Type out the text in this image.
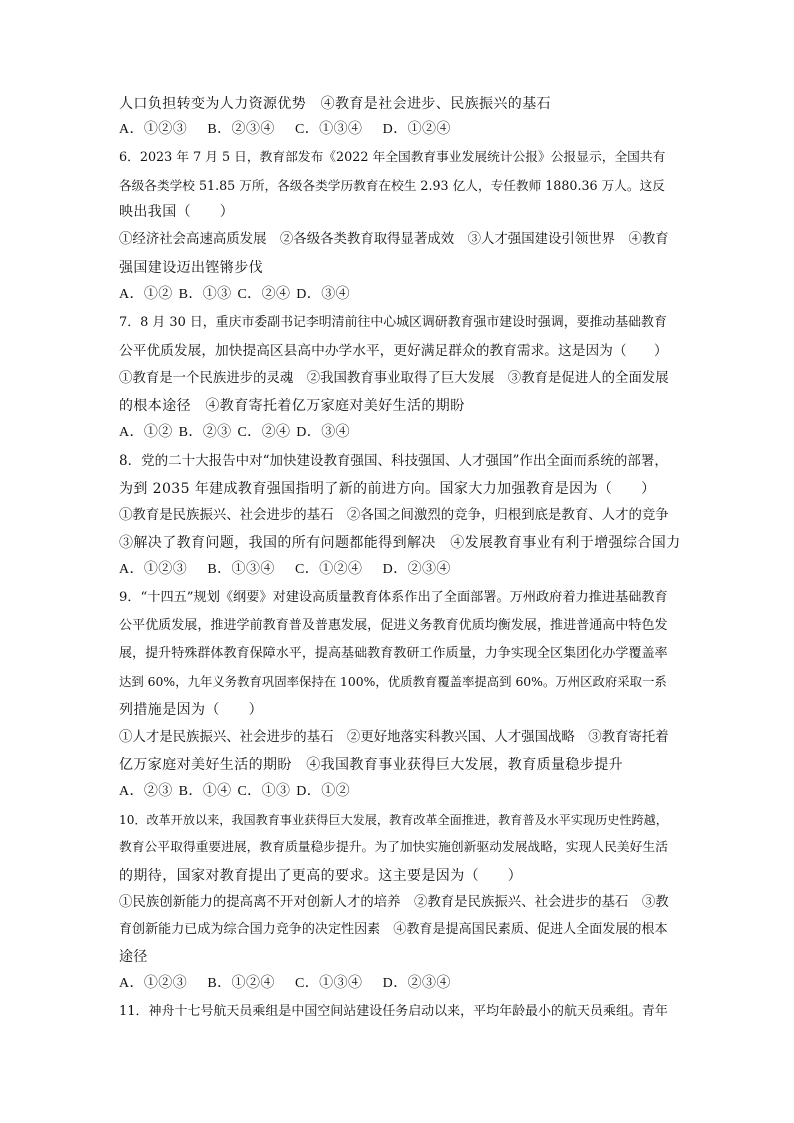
人口负担转变为人力资源优势　④教育是社会进步、民族振兴的基石
A．①②③　 B．②③④　 C．①③④　 D．①②④
6．2023 年 7 月 5 日，教育部发布《2022 年全国教育事业发展统计公报》公报显示，全国共有
各级各类学校 51.85 万所，各级各类学历教育在校生 2.93 亿人，专任教师 1880.36 万人。这反
映出我国（　　）
①经济社会高速高质发展　②各级各类教育取得显著成效　③人才强国建设引领世界　④教育
强国建设迈出铿锵步伐
A．①② B．①③ C．②④ D．③④
7．8 月 30 日，重庆市委副书记李明清前往中心城区调研教育强市建设时强调，要推动基础教育
公平优质发展，加快提高区县高中办学水平，更好满足群众的教育需求。这是因为（　　）
①教育是一个民族进步的灵魂　②我国教育事业取得了巨大发展　③教育是促进人的全面发展
的根本途径　④教育寄托着亿万家庭对美好生活的期盼
A．①② B．②③ C．②④ D．③④
8．党的二十大报告中对“加快建设教育强国、科技强国、人才强国”作出全面而系统的部署，
为到 2035 年建成教育强国指明了新的前进方向。国家大力加强教育是因为（　　）
①教育是民族振兴、社会进步的基石　②各国之间激烈的竞争，归根到底是教育、人才的竞争
③解决了教育问题，我国的所有问题都能得到解决　④发展教育事业有利于增强综合国力
A．①②③　 B．①③④　 C．①②④　 D．②③④
9．“十四五”规划《纲要》对建设高质量教育体系作出了全面部署。万州政府着力推进基础教育
公平优质发展，推进学前教育普及普惠发展，促进义务教育优质均衡发展，推进普通高中特色发
展，提升特殊群体教育保障水平，提高基础教育教研工作质量，力争实现全区集团化办学覆盖率
达到 60%，九年义务教育巩固率保持在 100%，优质教育覆盖率提高到 60%。万州区政府采取一系
列措施是因为（　　）
①人才是民族振兴、社会进步的基石　②更好地落实科教兴国、人才强国战略　③教育寄托着
亿万家庭对美好生活的期盼　④我国教育事业获得巨大发展，教育质量稳步提升
A．②③ B．①④ C．①③ D．①②
10．改革开放以来，我国教育事业获得巨大发展，教育改革全面推进，教育普及水平实现历史性跨越，
教育公平取得重要进展，教育质量稳步提升。为了加快实施创新驱动发展战略，实现人民美好生活
的期待，国家对教育提出了更高的要求。这主要是因为（　　）
①民族创新能力的提高离不开对创新人才的培养　②教育是民族振兴、社会进步的基石　③教
育创新能力已成为综合国力竞争的决定性因素　④教育是提高国民素质、促进人全面发展的根本
途径
A．①②③　 B．①②④　 C．①③④　 D．②③④
11．神舟十七号航天员乘组是中国空间站建设任务启动以来，平均年龄最小的航天员乘组。青年
